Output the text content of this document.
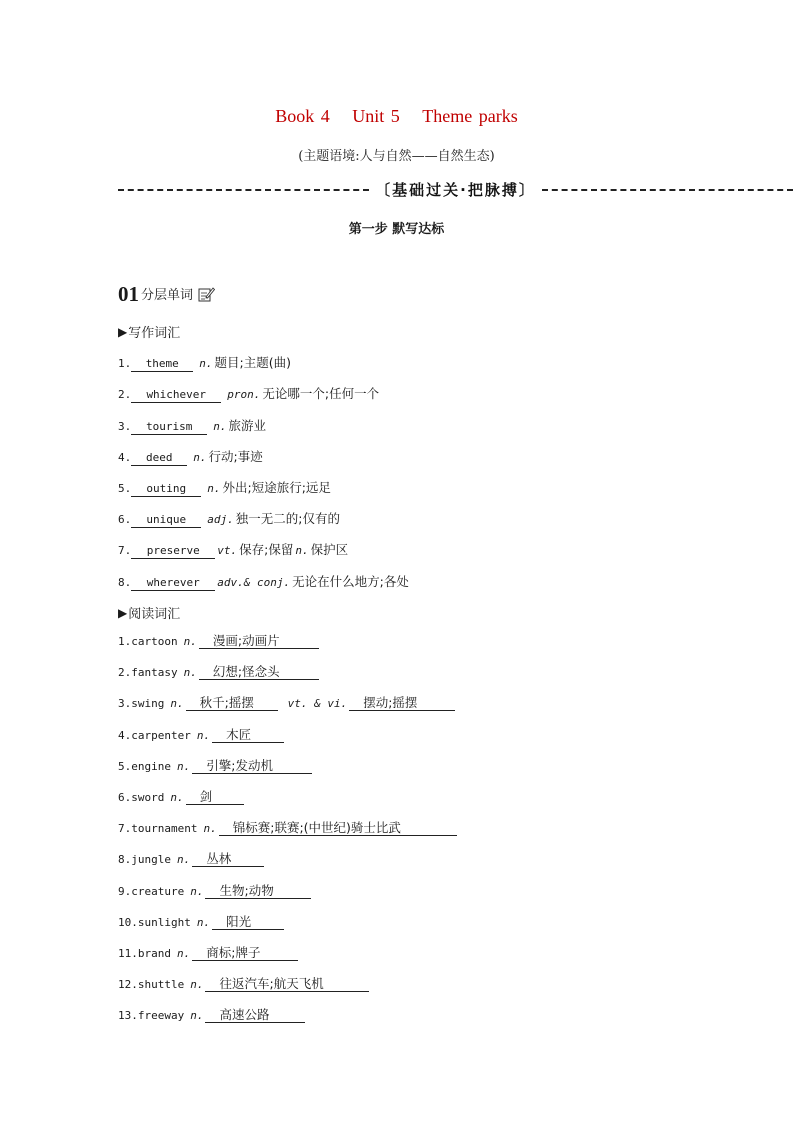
Book 4 Unit 5 Theme parks
(主题语境:人与自然——自然生态)
〔基础过关·把脉搏〕
第一步 默写达标
01 分层单词
▶ 写作词汇
1.	theme	n. 题目;主题(曲)
2.	whichever	pron. 无论哪一个;任何一个
3.	tourism	n. 旅游业
4.	deed	n. 行动;事迹
5.	outing	n. 外出;短途旅行;远足
6.	unique	adj. 独一无二的;仅有的
7.	preserve	vt. 保存;保留 n. 保护区
8.	wherever	adv.& conj. 无论在什么地方;各处
▶ 阅读词汇
1.cartoon n.	漫画;动画片
2.fantasy n.	幻想;怪念头
3.swing n.	秋千;摇摆	vt. & vi.	摆动;摇摆
4.carpenter n.	木匠
5.engine n.	引擎;发动机
6.sword n.	剑
7.tournament n.	锦标赛;联赛;(中世纪)骑士比武
8.jungle n.	丛林
9.creature n.	生物;动物
10.sunlight n.	阳光
11.brand n.	商标;牌子
12.shuttle n.	往返汽车;航天飞机
13.freeway n.	高速公路
